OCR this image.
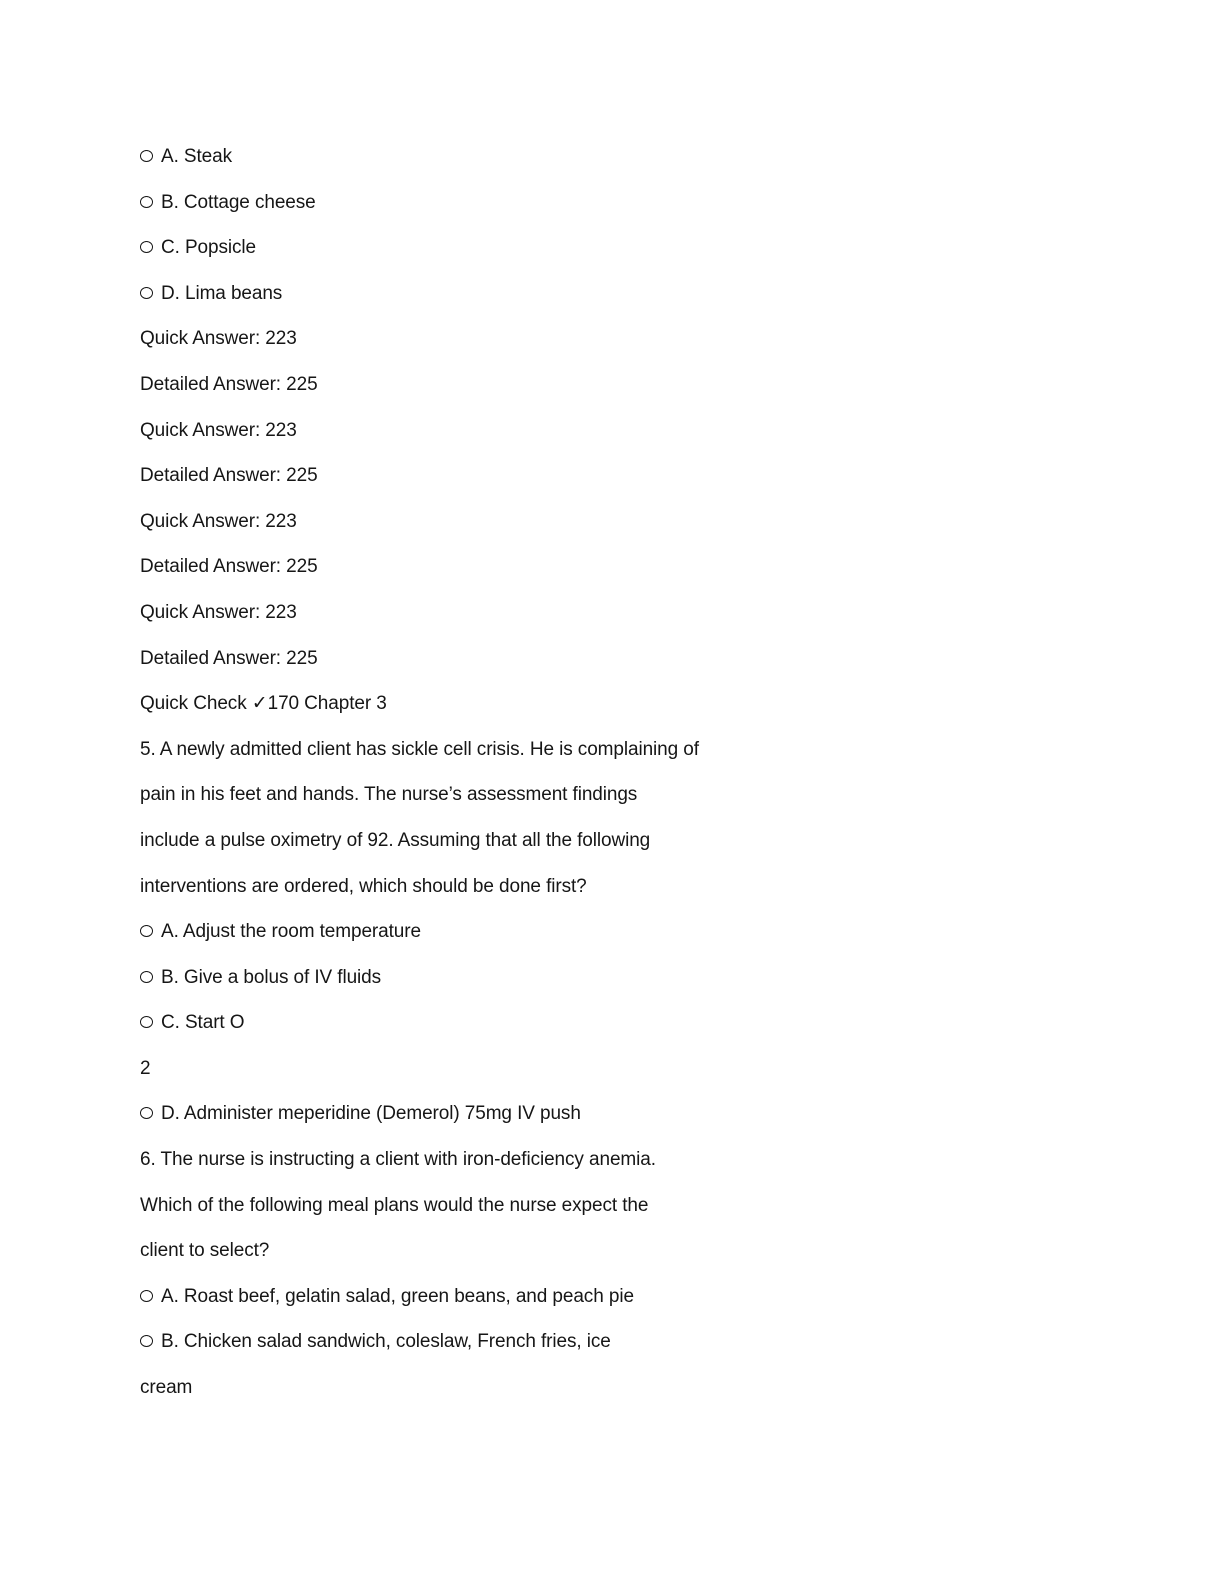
A. Steak
B. Cottage cheese
C. Popsicle
D. Lima beans
Quick Answer: 223
Detailed Answer: 225
Quick Answer: 223
Detailed Answer: 225
Quick Answer: 223
Detailed Answer: 225
Quick Answer: 223
Detailed Answer: 225
Quick Check ✓170 Chapter 3
5. A newly admitted client has sickle cell crisis. He is complaining of
pain in his feet and hands. The nurse’s assessment findings
include a pulse oximetry of 92. Assuming that all the following
interventions are ordered, which should be done first?
A. Adjust the room temperature
B. Give a bolus of IV fluids
C. Start O
2
D. Administer meperidine (Demerol) 75mg IV push
6. The nurse is instructing a client with iron-deficiency anemia.
Which of the following meal plans would the nurse expect the
client to select?
A. Roast beef, gelatin salad, green beans, and peach pie
B. Chicken salad sandwich, coleslaw, French fries, ice
cream
